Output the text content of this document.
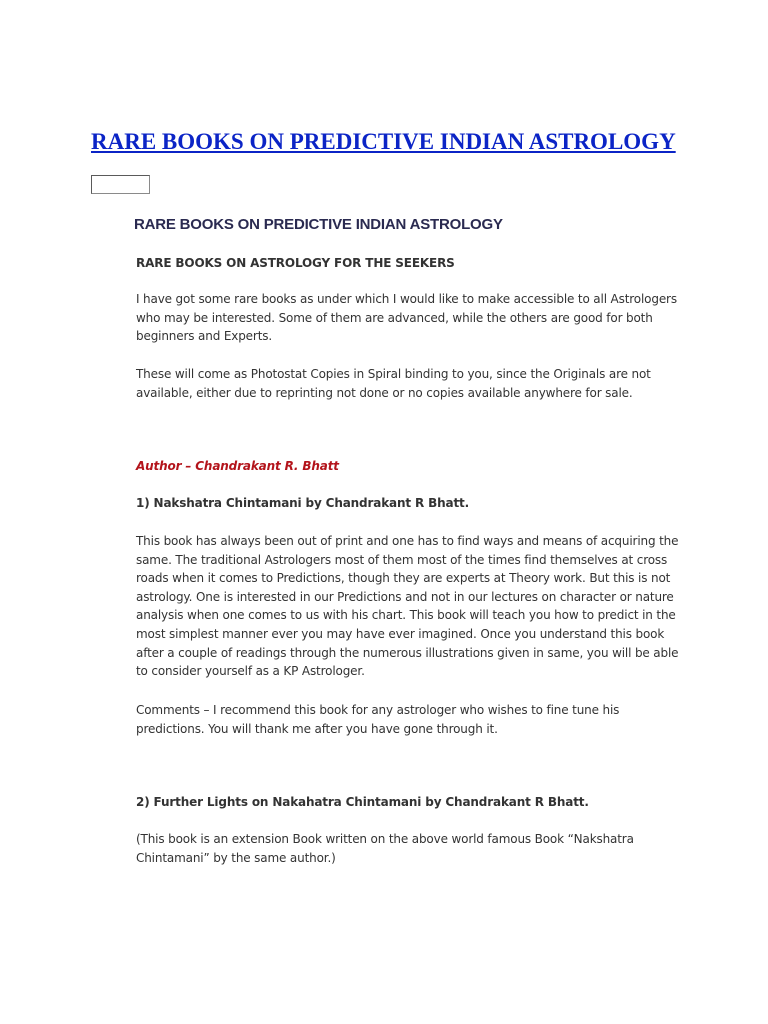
RARE BOOKS ON PREDICTIVE INDIAN ASTROLOGY
RARE BOOKS ON PREDICTIVE INDIAN ASTROLOGY

RARE BOOKS ON ASTROLOGY FOR THE SEEKERS

I have got some rare books as under which I would like to make accessible to all Astrologers who may be interested. Some of them are advanced, while the others are good for both beginners and Experts.

These will come as Photostat Copies in Spiral binding to you, since the Originals are not available, either due to reprinting not done or no copies available anywhere for sale.

Author – Chandrakant R. Bhatt

1) Nakshatra Chintamani by Chandrakant R Bhatt.

This book has always been out of print and one has to find ways and means of acquiring the same. The traditional Astrologers most of them most of the times find themselves at cross roads when it comes to Predictions, though they are experts at Theory work. But this is not astrology. One is interested in our Predictions and not in our lectures on character or nature analysis when one comes to us with his chart. This book will teach you how to predict in the most simplest manner ever you may have ever imagined. Once you understand this book after a couple of readings through the numerous illustrations given in same, you will be able to consider yourself as a KP Astrologer.

Comments – I recommend this book for any astrologer who wishes to fine tune his predictions. You will thank me after you have gone through it.

2) Further Lights on Nakahatra Chintamani by Chandrakant R Bhatt.

(This book is an extension Book written on the above world famous Book “Nakshatra Chintamani” by the same author.)
